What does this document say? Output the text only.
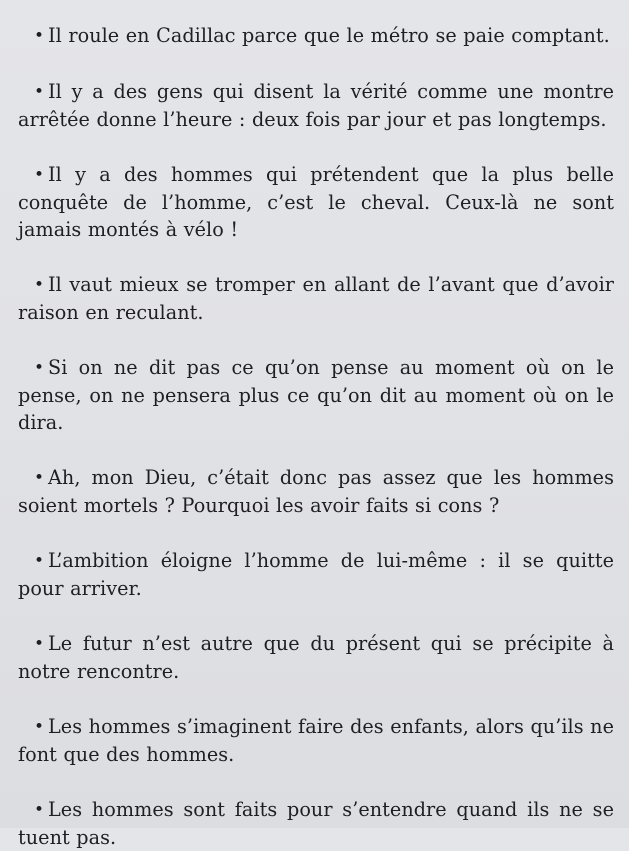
• Il roule en Cadillac parce que le métro se paie comptant.

• Il y a des gens qui disent la vérité comme une montre arrêtée donne l’heure : deux fois par jour et pas longtemps.

• Il y a des hommes qui prétendent que la plus belle conquête de l’homme, c’est le cheval. Ceux-là ne sont jamais montés à vélo !

• Il vaut mieux se tromper en allant de l’avant que d’avoir raison en reculant.

• Si on ne dit pas ce qu’on pense au moment où on le pense, on ne pensera plus ce qu’on dit au moment où on le dira.

• Ah, mon Dieu, c’était donc pas assez que les hommes soient mortels ? Pourquoi les avoir faits si cons ?

• L’ambition éloigne l’homme de lui-même : il se quitte pour arriver.

• Le futur n’est autre que du présent qui se précipite à notre rencontre.

• Les hommes s’imaginent faire des enfants, alors qu’ils ne font que des hommes.

• Les hommes sont faits pour s’entendre quand ils ne se tuent pas.
